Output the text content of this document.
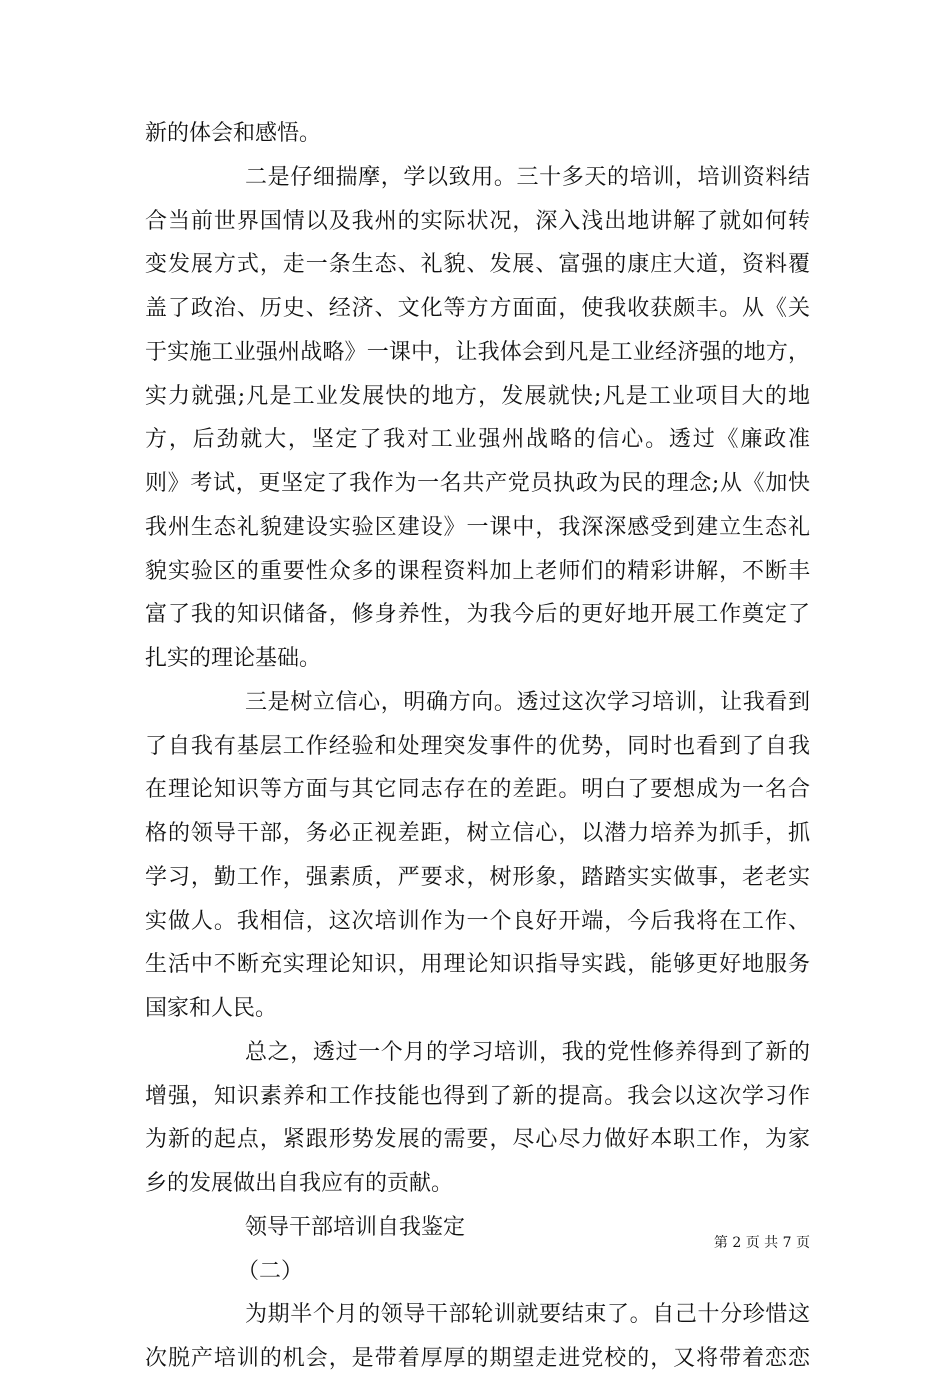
新的体会和感悟。
二是仔细揣摩，学以致用。三十多天的培训，培训资料结
合当前世界国情以及我州的实际状况，深入浅出地讲解了就如何转
变发展方式，走一条生态、礼貌、发展、富强的康庄大道，资料覆
盖了政治、历史、经济、文化等方方面面，使我收获颇丰。从《关
于实施工业强州战略》一课中，让我体会到凡是工业经济强的地方，
实力就强;凡是工业发展快的地方，发展就快;凡是工业项目大的地
方，后劲就大，坚定了我对工业强州战略的信心。透过《廉政准
则》考试，更坚定了我作为一名共产党员执政为民的理念;从《加快
我州生态礼貌建设实验区建设》一课中，我深深感受到建立生态礼
貌实验区的重要性众多的课程资料加上老师们的精彩讲解，不断丰
富了我的知识储备，修身养性，为我今后的更好地开展工作奠定了
扎实的理论基础。
三是树立信心，明确方向。透过这次学习培训，让我看到
了自我有基层工作经验和处理突发事件的优势，同时也看到了自我
在理论知识等方面与其它同志存在的差距。明白了要想成为一名合
格的领导干部，务必正视差距，树立信心，以潜力培养为抓手，抓
学习，勤工作，强素质，严要求，树形象，踏踏实实做事，老老实
实做人。我相信，这次培训作为一个良好开端，今后我将在工作、
生活中不断充实理论知识，用理论知识指导实践，能够更好地服务
国家和人民。
总之，透过一个月的学习培训，我的党性修养得到了新的
增强，知识素养和工作技能也得到了新的提高。我会以这次学习作
为新的起点，紧跟形势发展的需要，尽心尽力做好本职工作，为家
乡的发展做出自我应有的贡献。
领导干部培训自我鉴定
（二）
为期半个月的领导干部轮训就要结束了。自己十分珍惜这
次脱产培训的机会，是带着厚厚的期望走进党校的，又将带着恋恋
第 2 页 共 7 页
